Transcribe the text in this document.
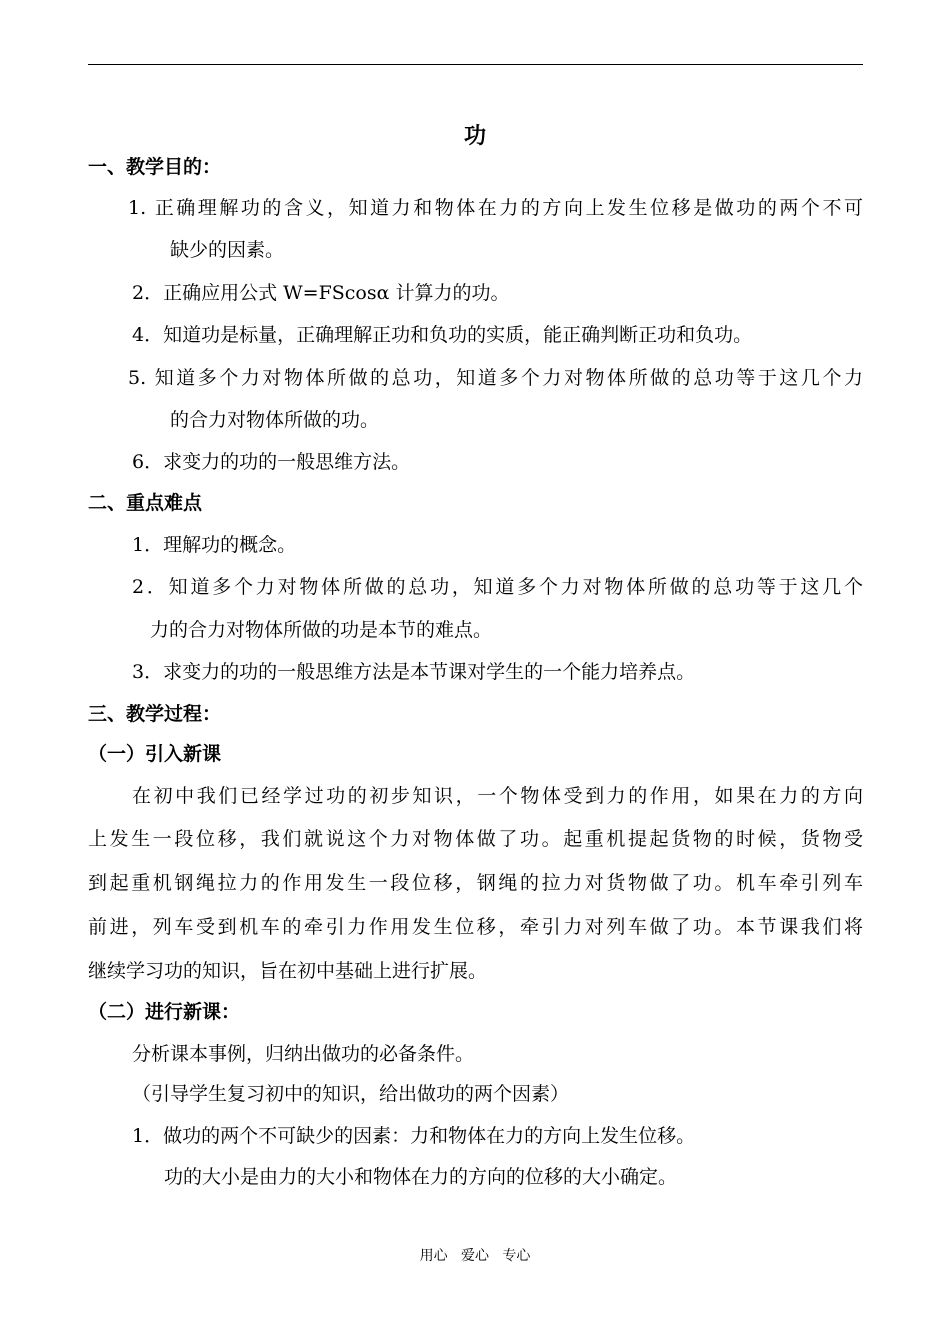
功
一、教学目的：
1. 正确理解功的含义，知道力和物体在力的方向上发生位移是做功的两个不可
缺少的因素。
2．正确应用公式 W=FScosα 计算力的功。
4．知道功是标量，正确理解正功和负功的实质，能正确判断正功和负功。
5. 知道多个力对物体所做的总功，知道多个力对物体所做的总功等于这几个力
的合力对物体所做的功。
6．求变力的功的一般思维方法。
二、重点难点
1．理解功的概念。
2．知道多个力对物体所做的总功，知道多个力对物体所做的总功等于这几个
力的合力对物体所做的功是本节的难点。
3．求变力的功的一般思维方法是本节课对学生的一个能力培养点。
三、教学过程：
（一）引入新课
在初中我们已经学过功的初步知识，一个物体受到力的作用，如果在力的方向
上发生一段位移，我们就说这个力对物体做了功。起重机提起货物的时候，货物受
到起重机钢绳拉力的作用发生一段位移，钢绳的拉力对货物做了功。机车牵引列车
前进，列车受到机车的牵引力作用发生位移，牵引力对列车做了功。本节课我们将
继续学习功的知识，旨在初中基础上进行扩展。
（二）进行新课：
分析课本事例，归纳出做功的必备条件。
（引导学生复习初中的知识，给出做功的两个因素）
1．做功的两个不可缺少的因素：力和物体在力的方向上发生位移。
功的大小是由力的大小和物体在力的方向的位移的大小确定。
用心   爱心   专心
